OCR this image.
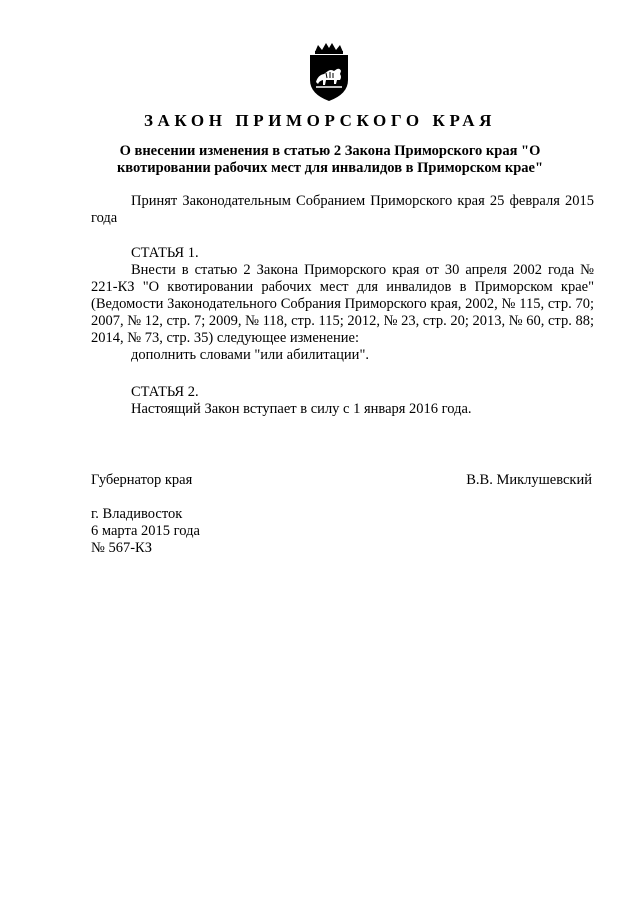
ЗАКОН ПРИМОРСКОГО КРАЯ
О внесении изменения в статью 2 Закона Приморского края "О квотировании рабочих мест для инвалидов в Приморском крае"

Принят Законодательным Собранием Приморского края 25 февраля 2015 года

СТАТЬЯ 1.

Внести в статью 2 Закона Приморского края от 30 апреля 2002 года № 221-КЗ "О квотировании рабочих мест для инвалидов в Приморском крае" (Ведомости Законодательного Собрания Приморского края, 2002, № 115, стр. 70; 2007, № 12, стр. 7; 2009, № 118, стр. 115; 2012, № 23, стр. 20; 2013, № 60, стр. 88; 2014, № 73, стр. 35) следующее изменение:

дополнить словами "или абилитации".

СТАТЬЯ 2.

Настоящий Закон вступает в силу с 1 января 2016 года.

Губернатор края	В.В. Миклушевский
г. Владивосток
6 марта 2015 года
№ 567-КЗ
